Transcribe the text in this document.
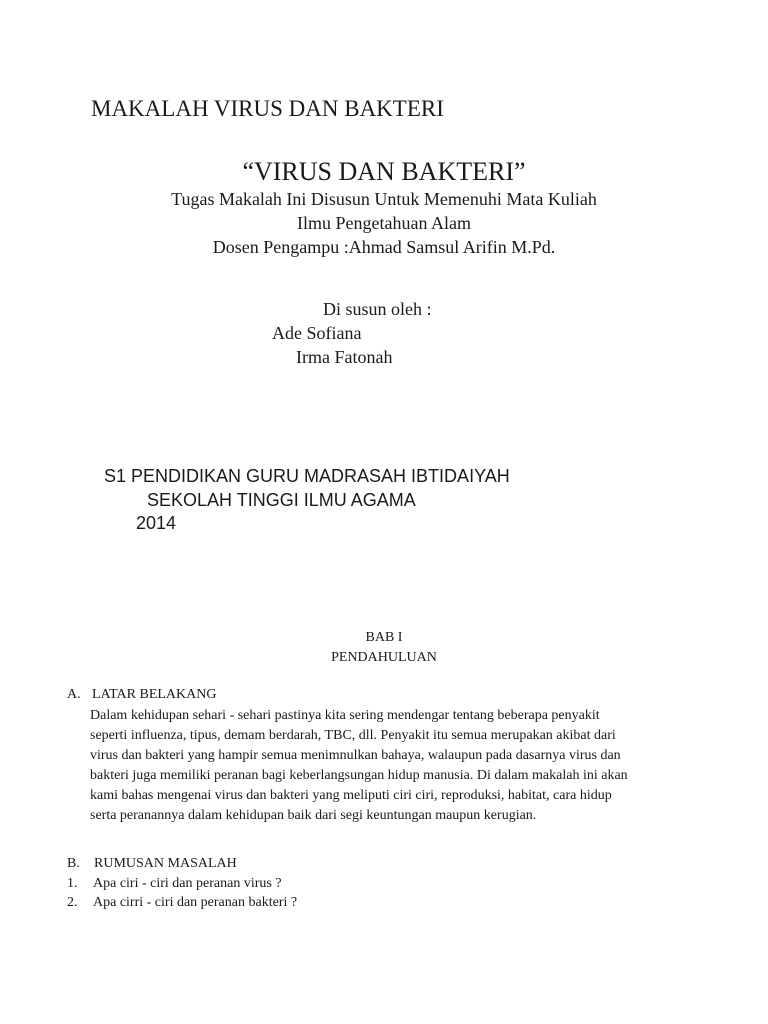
MAKALAH VIRUS DAN BAKTERI
“VIRUS DAN BAKTERI”
Tugas Makalah Ini Disusun Untuk Memenuhi Mata Kuliah
Ilmu Pengetahuan Alam
Dosen Pengampu :Ahmad Samsul Arifin M.Pd.
Di susun oleh :
Ade Sofiana
Irma Fatonah
S1 PENDIDIKAN GURU MADRASAH IBTIDAIYAH
SEKOLAH TINGGI ILMU AGAMA
2014
BAB I
PENDAHULUAN
A. LATAR BELAKANG
Dalam kehidupan sehari - sehari pastinya kita sering mendengar tentang beberapa penyakit
seperti influenza, tipus, demam berdarah, TBC, dll. Penyakit itu semua merupakan akibat dari
virus dan bakteri yang hampir semua menimnulkan bahaya, walaupun pada dasarnya virus dan
bakteri juga memiliki peranan bagi keberlangsungan hidup manusia. Di dalam makalah ini akan
kami bahas mengenai virus dan bakteri yang meliputi ciri ciri, reproduksi, habitat, cara hidup
serta peranannya dalam kehidupan baik dari segi keuntungan maupun kerugian.
B. RUMUSAN MASALAH
1. Apa ciri - ciri dan peranan virus ?
2. Apa cirri - ciri dan peranan bakteri ?
